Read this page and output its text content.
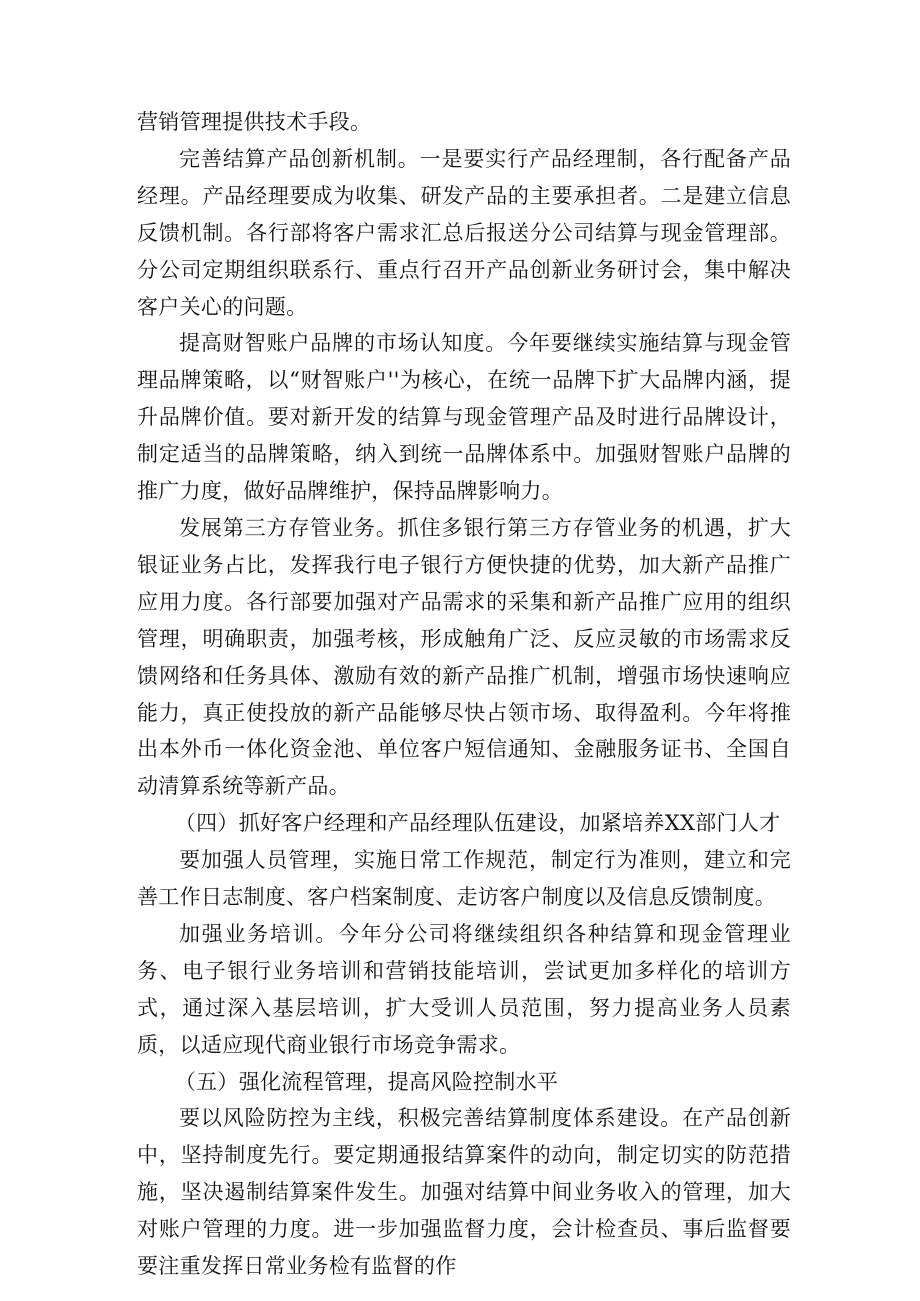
营销管理提供技术手段。

完善结算产品创新机制。一是要实行产品经理制，各行配备产品经理。产品经理要成为收集、研发产品的主要承担者。二是建立信息反馈机制。各行部将客户需求汇总后报送分公司结算与现金管理部。分公司定期组织联系行、重点行召开产品创新业务研讨会，集中解决客户关心的问题。

提高财智账户品牌的市场认知度。今年要继续实施结算与现金管理品牌策略，以“财智账户''为核心，在统一品牌下扩大品牌内涵，提升品牌价值。要对新开发的结算与现金管理产品及时进行品牌设计，制定适当的品牌策略，纳入到统一品牌体系中。加强财智账户品牌的推广力度，做好品牌维护，保持品牌影响力。

发展第三方存管业务。抓住多银行第三方存管业务的机遇，扩大银证业务占比，发挥我行电子银行方便快捷的优势，加大新产品推广应用力度。各行部要加强对产品需求的采集和新产品推广应用的组织管理，明确职责，加强考核，形成触角广泛、反应灵敏的市场需求反馈网络和任务具体、激励有效的新产品推广机制，增强市场快速响应能力，真正使投放的新产品能够尽快占领市场、取得盈利。今年将推出本外币一体化资金池、单位客户短信通知、金融服务证书、全国自动清算系统等新产品。

（四）抓好客户经理和产品经理队伍建设，加紧培养XX部门人才

要加强人员管理，实施日常工作规范，制定行为准则，建立和完善工作日志制度、客户档案制度、走访客户制度以及信息反馈制度。

加强业务培训。今年分公司将继续组织各种结算和现金管理业务、电子银行业务培训和营销技能培训，尝试更加多样化的培训方式，通过深入基层培训，扩大受训人员范围，努力提高业务人员素质，以适应现代商业银行市场竞争需求。

（五）强化流程管理，提高风险控制水平

要以风险防控为主线，积极完善结算制度体系建设。在产品创新中，坚持制度先行。要定期通报结算案件的动向，制定切实的防范措施，坚决遏制结算案件发生。加强对结算中间业务收入的管理，加大对账户管理的力度。进一步加强监督力度，会计检查员、事后监督要要注重发挥日常业务检有监督的作
